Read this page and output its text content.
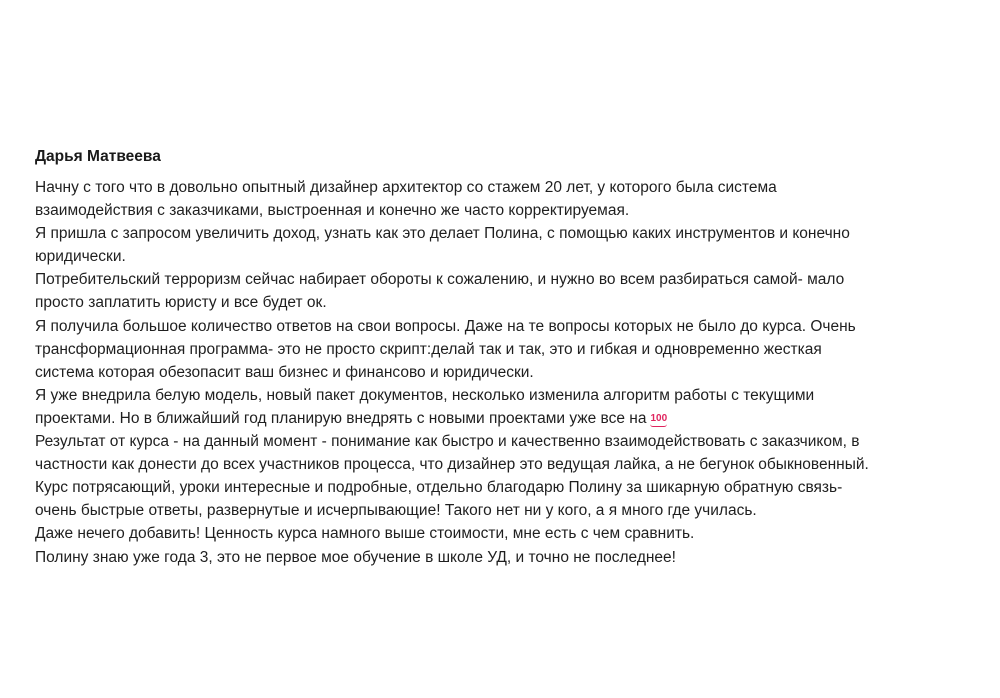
Дарья Матвеева
Начну с того что в довольно опытный дизайнер архитектор со стажем 20 лет, у которого была система
взаимодействия с заказчиками, выстроенная и конечно же часто корректируемая.
Я пришла с запросом увеличить доход, узнать как это делает Полина, с помощью каких инструментов и конечно
юридически.
Потребительский терроризм сейчас набирает обороты к сожалению, и нужно во всем разбираться самой- мало
просто заплатить юристу и все будет ок.
Я получила большое количество ответов на свои вопросы. Даже на те вопросы которых не было до курса. Очень
трансформационная программа- это не просто скрипт:делай так и так, это и гибкая и одновременно жесткая
система которая обезопасит ваш бизнес и финансово и юридически.
Я уже внедрила белую модель, новый пакет документов, несколько изменила алгоритм работы с текущими
проектами. Но в ближайший год планирую внедрять с новыми проектами уже все на 100
Результат от курса - на данный момент - понимание как быстро и качественно взаимодействовать с заказчиком, в
частности как донести до всех участников процесса, что дизайнер это ведущая лайка, а не бегунок обыкновенный.
Курс потрясающий, уроки интересные и подробные, отдельно благодарю Полину за шикарную обратную связь-
очень быстрые ответы, развернутые и исчерпывающие! Такого нет ни у кого, а я много где училась.
Даже нечего добавить! Ценность курса намного выше стоимости, мне есть с чем сравнить.
Полину знаю уже года 3, это не первое мое обучение в школе УД, и точно не последнее!
